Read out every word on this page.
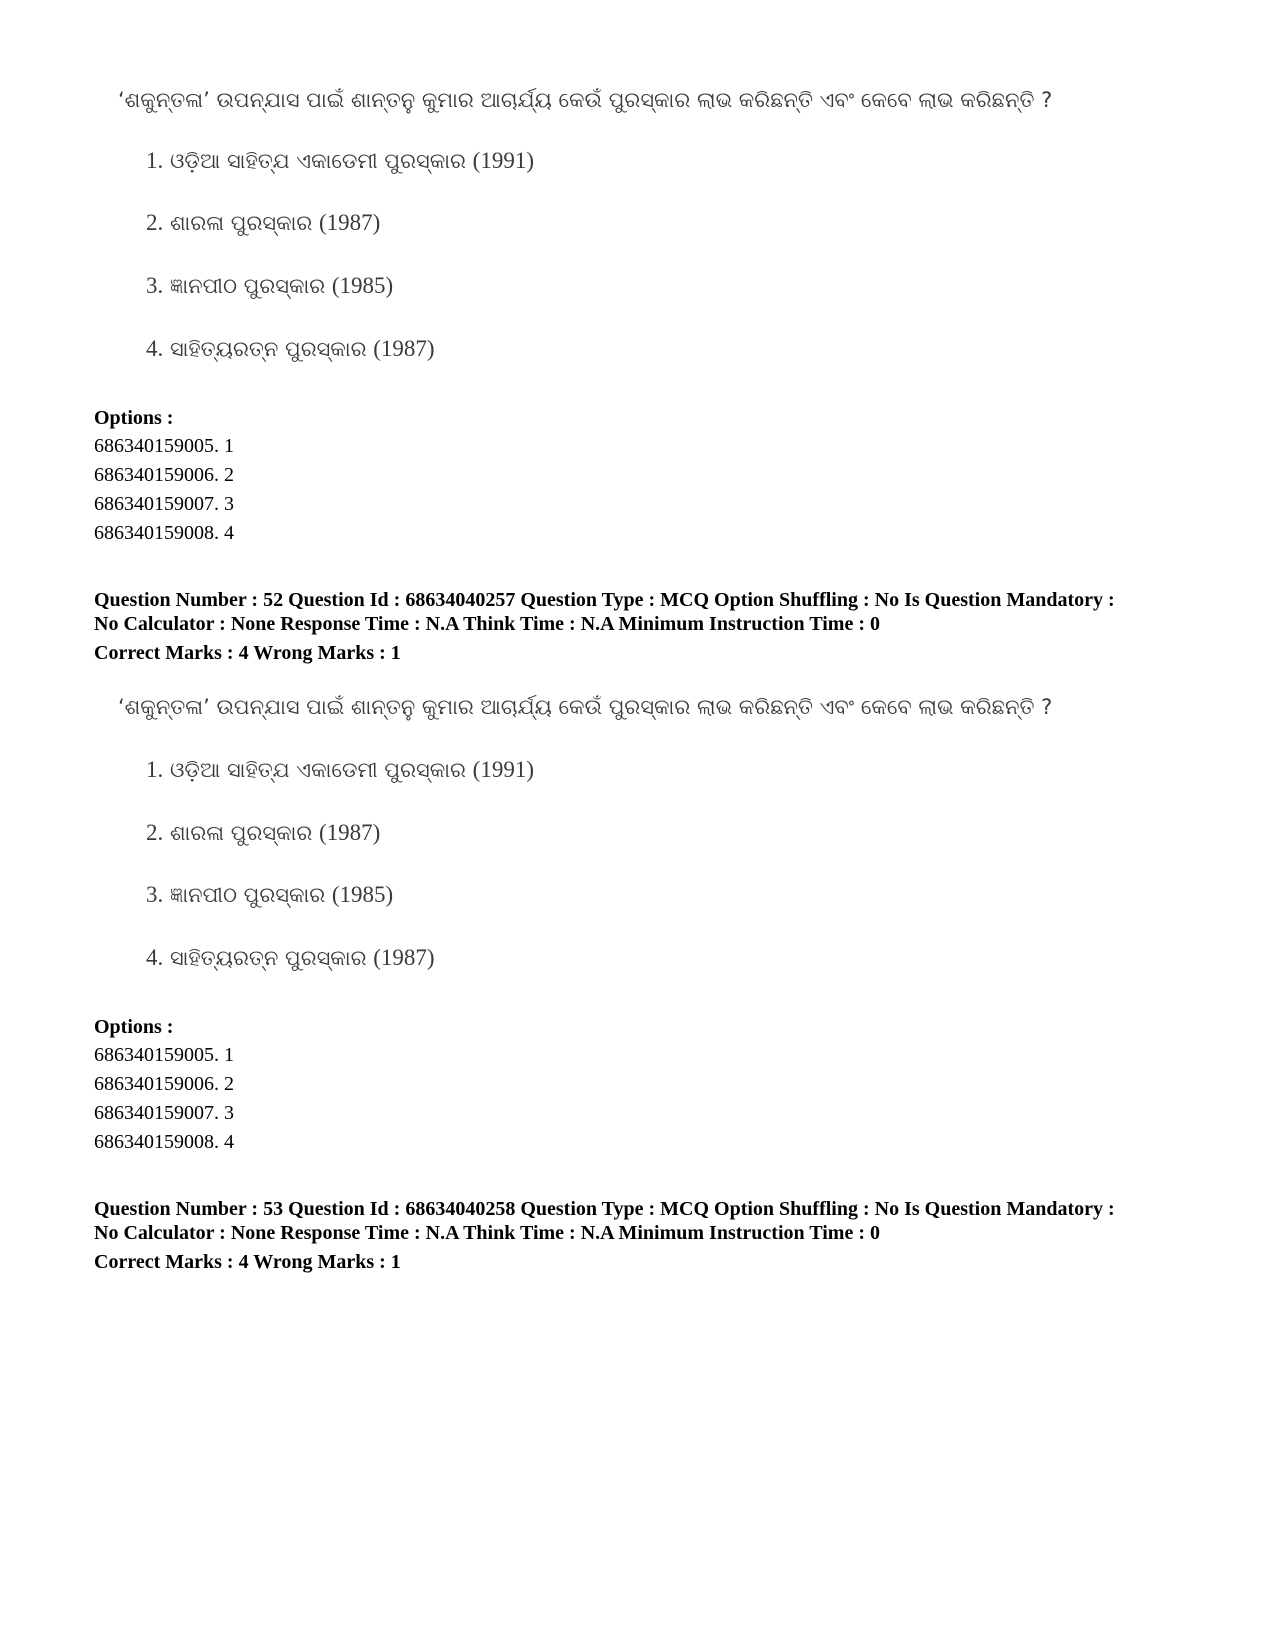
‘ଶକୁନ୍ତଳା’ ଉପନ୍ଯାସ ପାଇଁ ଶାନ୍ତନୁ କୁମାର ଆଚାର୍ଯ୍ୟ କେଉଁ ପୁରସ୍କାର ଲାଭ କରିଛନ୍ତି ଏବଂ କେବେ ଲାଭ କରିଛନ୍ତି ?
1. ଓଡ଼ିଆ ସାହିତ୍ଯ ଏକାଡେମୀ ପୁରସ୍କାର (1991)
2. ଶାରଳା ପୁରସ୍କାର (1987)
3. ଜ୍ଞାନପୀଠ ପୁରସ୍କାର (1985)
4. ସାହିତ୍ୟରତ୍ନ ପୁରସ୍କାର (1987)
Options :
686340159005. 1
686340159006. 2
686340159007. 3
686340159008. 4
Question Number : 52 Question Id : 68634040257 Question Type : MCQ Option Shuffling : No Is Question Mandatory :
No Calculator : None Response Time : N.A Think Time : N.A Minimum Instruction Time : 0
Correct Marks : 4 Wrong Marks : 1
‘ଶକୁନ୍ତଳା’ ଉପନ୍ଯାସ ପାଇଁ ଶାନ୍ତନୁ କୁମାର ଆଚାର୍ଯ୍ୟ କେଉଁ ପୁରସ୍କାର ଲାଭ କରିଛନ୍ତି ଏବଂ କେବେ ଲାଭ କରିଛନ୍ତି ?
1. ଓଡ଼ିଆ ସାହିତ୍ଯ ଏକାଡେମୀ ପୁରସ୍କାର (1991)
2. ଶାରଳା ପୁରସ୍କାର (1987)
3. ଜ୍ଞାନପୀଠ ପୁରସ୍କାର (1985)
4. ସାହିତ୍ୟରତ୍ନ ପୁରସ୍କାର (1987)
Options :
686340159005. 1
686340159006. 2
686340159007. 3
686340159008. 4
Question Number : 53 Question Id : 68634040258 Question Type : MCQ Option Shuffling : No Is Question Mandatory :
No Calculator : None Response Time : N.A Think Time : N.A Minimum Instruction Time : 0
Correct Marks : 4 Wrong Marks : 1
